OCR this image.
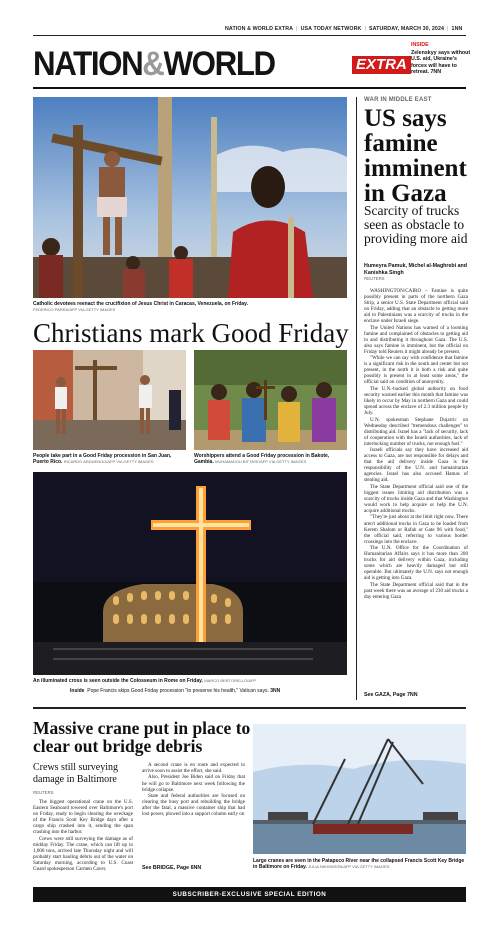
NATION & WORLD EXTRA | USA TODAY NETWORK | SATURDAY, MARCH 30, 2024 | 1NN
NATION&WORLD	EXTRA
INSIDE
Zelenskyy says without U.S. aid, Ukraine's forces will have to retreat. 7NN
Catholic devotees reenact the crucifixion of Jesus Christ in Caracas, Venezuela, on Friday.
FEDERICO PARRA/AFP VIA GETTY IMAGES
Christians mark Good Friday
People take part in a Good Friday procession in San Juan, Puerto Rico. RICARDO ARDUENGO/AFP VIA GETTY IMAGES
Worshippers attend a Good Friday procession in Bakote, Gambia. MUHAMADOU BITTAYE/AFP VIA GETTY IMAGES
An illuminated cross is seen outside the Colosseum in Rome on Friday. MARCO BERTORELLO/AFP
Inside Pope Francis skips Good Friday procession "to preserve his health," Vatican says. 3NN
WAR IN MIDDLE EAST
US says famine imminent in Gaza
Scarcity of trucks seen as obstacle to providing more aid
Humeyra Pamuk, Michel al-Maghrebi and Kanishka Singh
REUTERS

WASHINGTON/CAIRO – Famine is quite possibly present in parts of the northern Gaza Strip, a senior U.S. State Department official said on Friday, adding that an obstacle to getting more aid to Palestinians was a scarcity of trucks in the enclave under Israeli siege.

The United Nations has warned of a looming famine and complained of obstacles to getting aid in and distributing it throughout Gaza. The U.S. also says famine is imminent, but the official on Friday told Reuters it might already be present.

"While we can say with confidence that famine is a significant risk in the south and center but not present, in the north it is both a risk and quite possibly is present in at least some areas," the official said on condition of anonymity.

The U.N.-backed global authority on food security warned earlier this month that famine was likely to occur by May in northern Gaza and could spread across the enclave of 2.3 million people by July.

U.N. spokesman Stephane Dujarric on Wednesday described "tremendous challenges" to distributing aid. Israel has a "lack of security, lack of cooperation with the Israeli authorities, lack of interlocking number of trucks, not enough fuel."

Israeli officials say they have increased aid access to Gaza, are not responsible for delays and that the aid delivery inside Gaza is the responsibility of the U.N. and humanitarian agencies. Israel has also accused Hamas of stealing aid.

The State Department official said one of the biggest issues limiting aid distribution was a scarcity of trucks inside Gaza and that Washington would work to help acquire or help the U.N. acquire additional trucks.

"They're just about at the limit right now. There aren't additional trucks in Gaza to be loaded from Kerem Shalom or Rafah or Gate 96 with food," the official said, referring to various border crossings into the enclave.

The U.N. Office for the Coordination of Humanitarian Affairs says it has more than 200 trucks for aid delivery within Gaza, including some which are heavily damaged but still operable. But ultimately the U.N. says not enough aid is getting into Gaza.

The State Department official said that in the past week there was an average of 230 aid trucks a day entering Gaza

See GAZA, Page 7NN
Massive crane put in place to clear out bridge debris
Crews still surveying damage in Baltimore
REUTERS

The biggest operational crane on the U.S. Eastern Seaboard towered over Baltimore's port on Friday, ready to begin clearing the wreckage of the Francis Scott Key Bridge days after a cargo ship crashed into it, sending the span crashing into the harbor.

Crews were still surveying the damage as of midday Friday. The crane, which can lift up to 1,000 tons, arrived late Thursday night and will probably start hauling debris out of the water on Saturday morning, according to U.S. Coast Guard spokesperson Carmen Caver.

A second crane is en route and expected to arrive soon to assist the effort, she said.

Also, President Joe Biden said on Friday that he will go to Baltimore next week following the bridge collapse.

State and federal authorities are focused on clearing the busy port and rebuilding the bridge after the fatal, a massive container ship that had lost power, plowed into a support column early on

See BRIDGE, Page 6NN
Large cranes are seen in the Patapsco River near the collapsed Francis Scott Key Bridge in Baltimore on Friday. JULIA NIKHINSON/AFP VIA GETTY IMAGES
SUBSCRIBER-EXCLUSIVE SPECIAL EDITION
